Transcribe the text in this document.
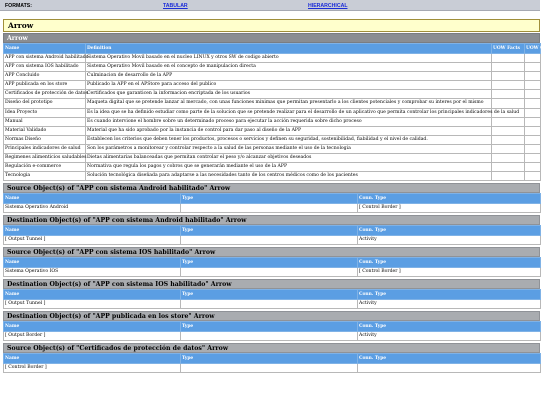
FORMATS:	TABULAR	HIERARCHICAL
Arrow
Arrow
Name	Definition	UOW Facts	UOW C
APP con sistema Android habilitado	Sistema Operativo Movil basado en el nucleo LINUX y otros SW de codigo abierto		
APP con sistema IOS habilitado	Sistema Operativo Movil basado en el concepto de manipulacion directa		
APP Concluido	Culminacion de desarrollo de la APP		
APP publicada en los store	Publicado la APP en el APStore para acceso del publico		
Certificados de protección de datos	Certificados que garanticen la informacion encriptada de los usuarios		
Diseño del prototipo	Maqueta digital que se pretende lanzar al mercado, con unas funciones minimas que permitan presentarlo a los clientes potenciales y comprobar su interes por el mismo		
Idea Proyecto	Es la idea que se ha definido estudiar como parte de la solucion que se pretende realizar para el desarrollo de un aplicativo que permita controlar los principales indicadores de la salud		
Manual	Es cuando intervione el hombre sobre un determinado proceso para ejecutar la acción requerida sobre dicho proceso		
Material Validado	Material que ha sido aprobado por la instancia de control para dar paso al diseño de la APP		
Normas Diseño	Establecen los criterios que deben tener los productos, procesos o servicios y definen su seguridad, sostenibilidad, fiabilidad y el nivel de calidad.		
Principales indicadores de salud	Son los parámetros a monitorear y controlar respecto a la salud de las personas mediante el uso de la tecnologia		
Regimenes alimenticios saludables	Dietas alimentarias balanceadas que permitan controlar el peso y/o alcanzar objetivos deseados		
Regulación e-commerce	Normativa que regula los pagos y cobros que se generarán mediante el uso de la APP		
Tecnologia	Solución tecnológica diseñada para adaptarse a las necesidades tanto de los centros médicos como de los pacientes		
Source Object(s) of "APP con sistema Android habilitado" Arrow
Name	Type	Conn. Type
Sistema Operativo Android		[ Control Border ]
Destination Object(s) of "APP con sistema Android habilitado" Arrow
Name	Type	Conn. Type
[ Output Tunnel ]		Activity
Source Object(s) of "APP con sistema IOS habilitado" Arrow
Name	Type	Conn. Type
Sistema Operativo IOS		[ Control Border ]
Destination Object(s) of "APP con sistema IOS habilitado" Arrow
Name	Type	Conn. Type
[ Output Tunnel ]		Activity
Destination Object(s) of "APP publicada en los store" Arrow
Name	Type	Conn. Type
[ Output Border ]		Activity
Source Object(s) of "Certificados de protección de datos" Arrow
Name	Type	Conn. Type
[ Control Border ]		
